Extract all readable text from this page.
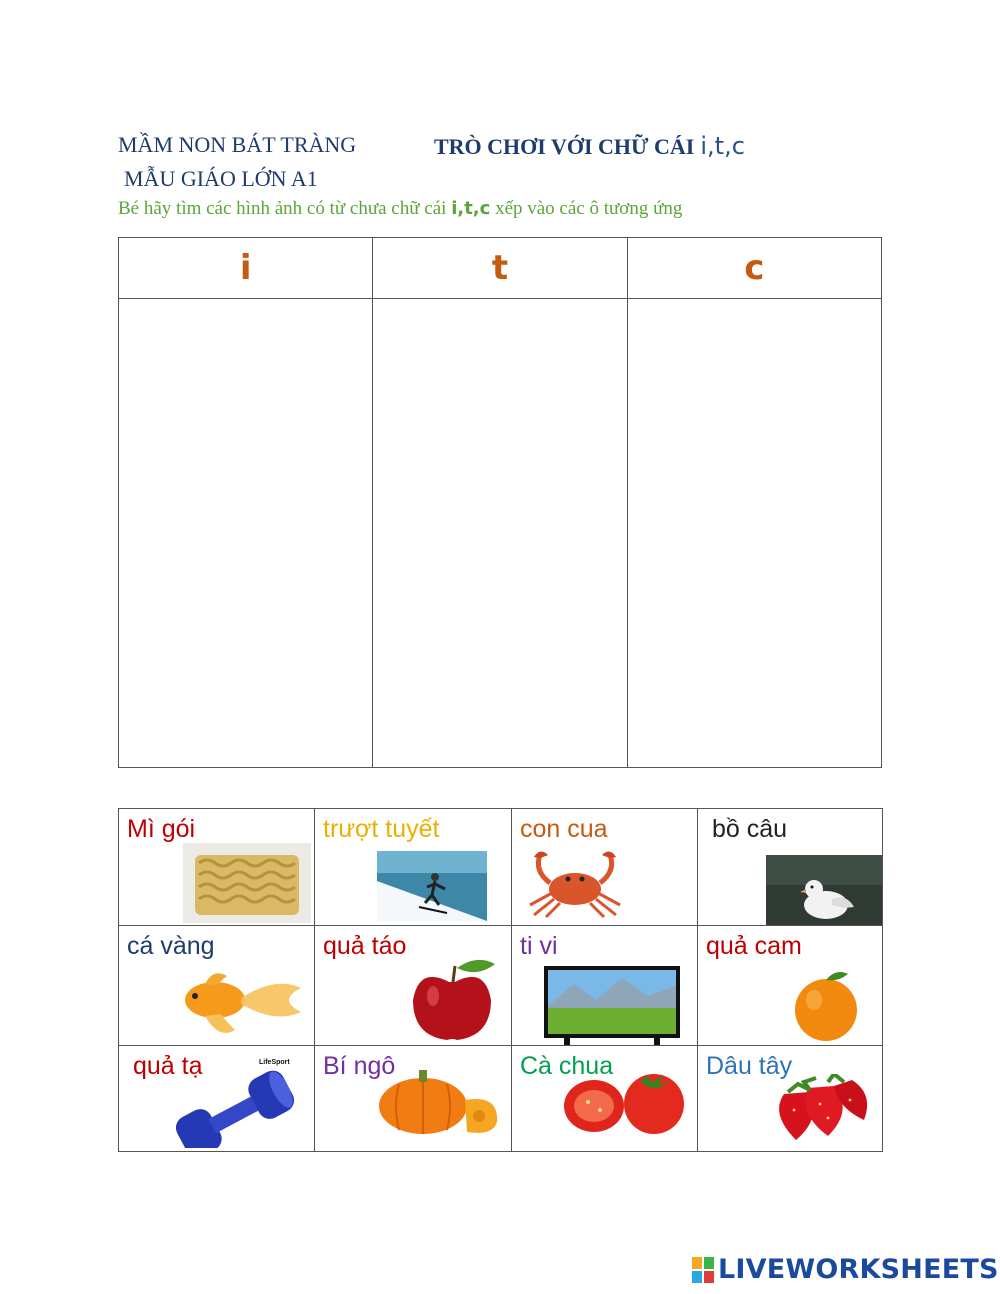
MẦM NON BÁT TRÀNG	TRÒ CHƠI VỚI CHỮ CÁI i,t,c
MẪU GIÁO LỚN A1
Bé hãy tìm các hình ảnh có từ chưa chữ cái i,t,c xếp vào các ô tương ứng
i	t	c

Mì gói	trượt tuyết	con cua	bồ câu

cá vàng	quả táo	ti vi	quả cam

quả tạ LifeSport	Bí ngô	Cà chua	Dâu tây
LIVEWORKSHEETS
